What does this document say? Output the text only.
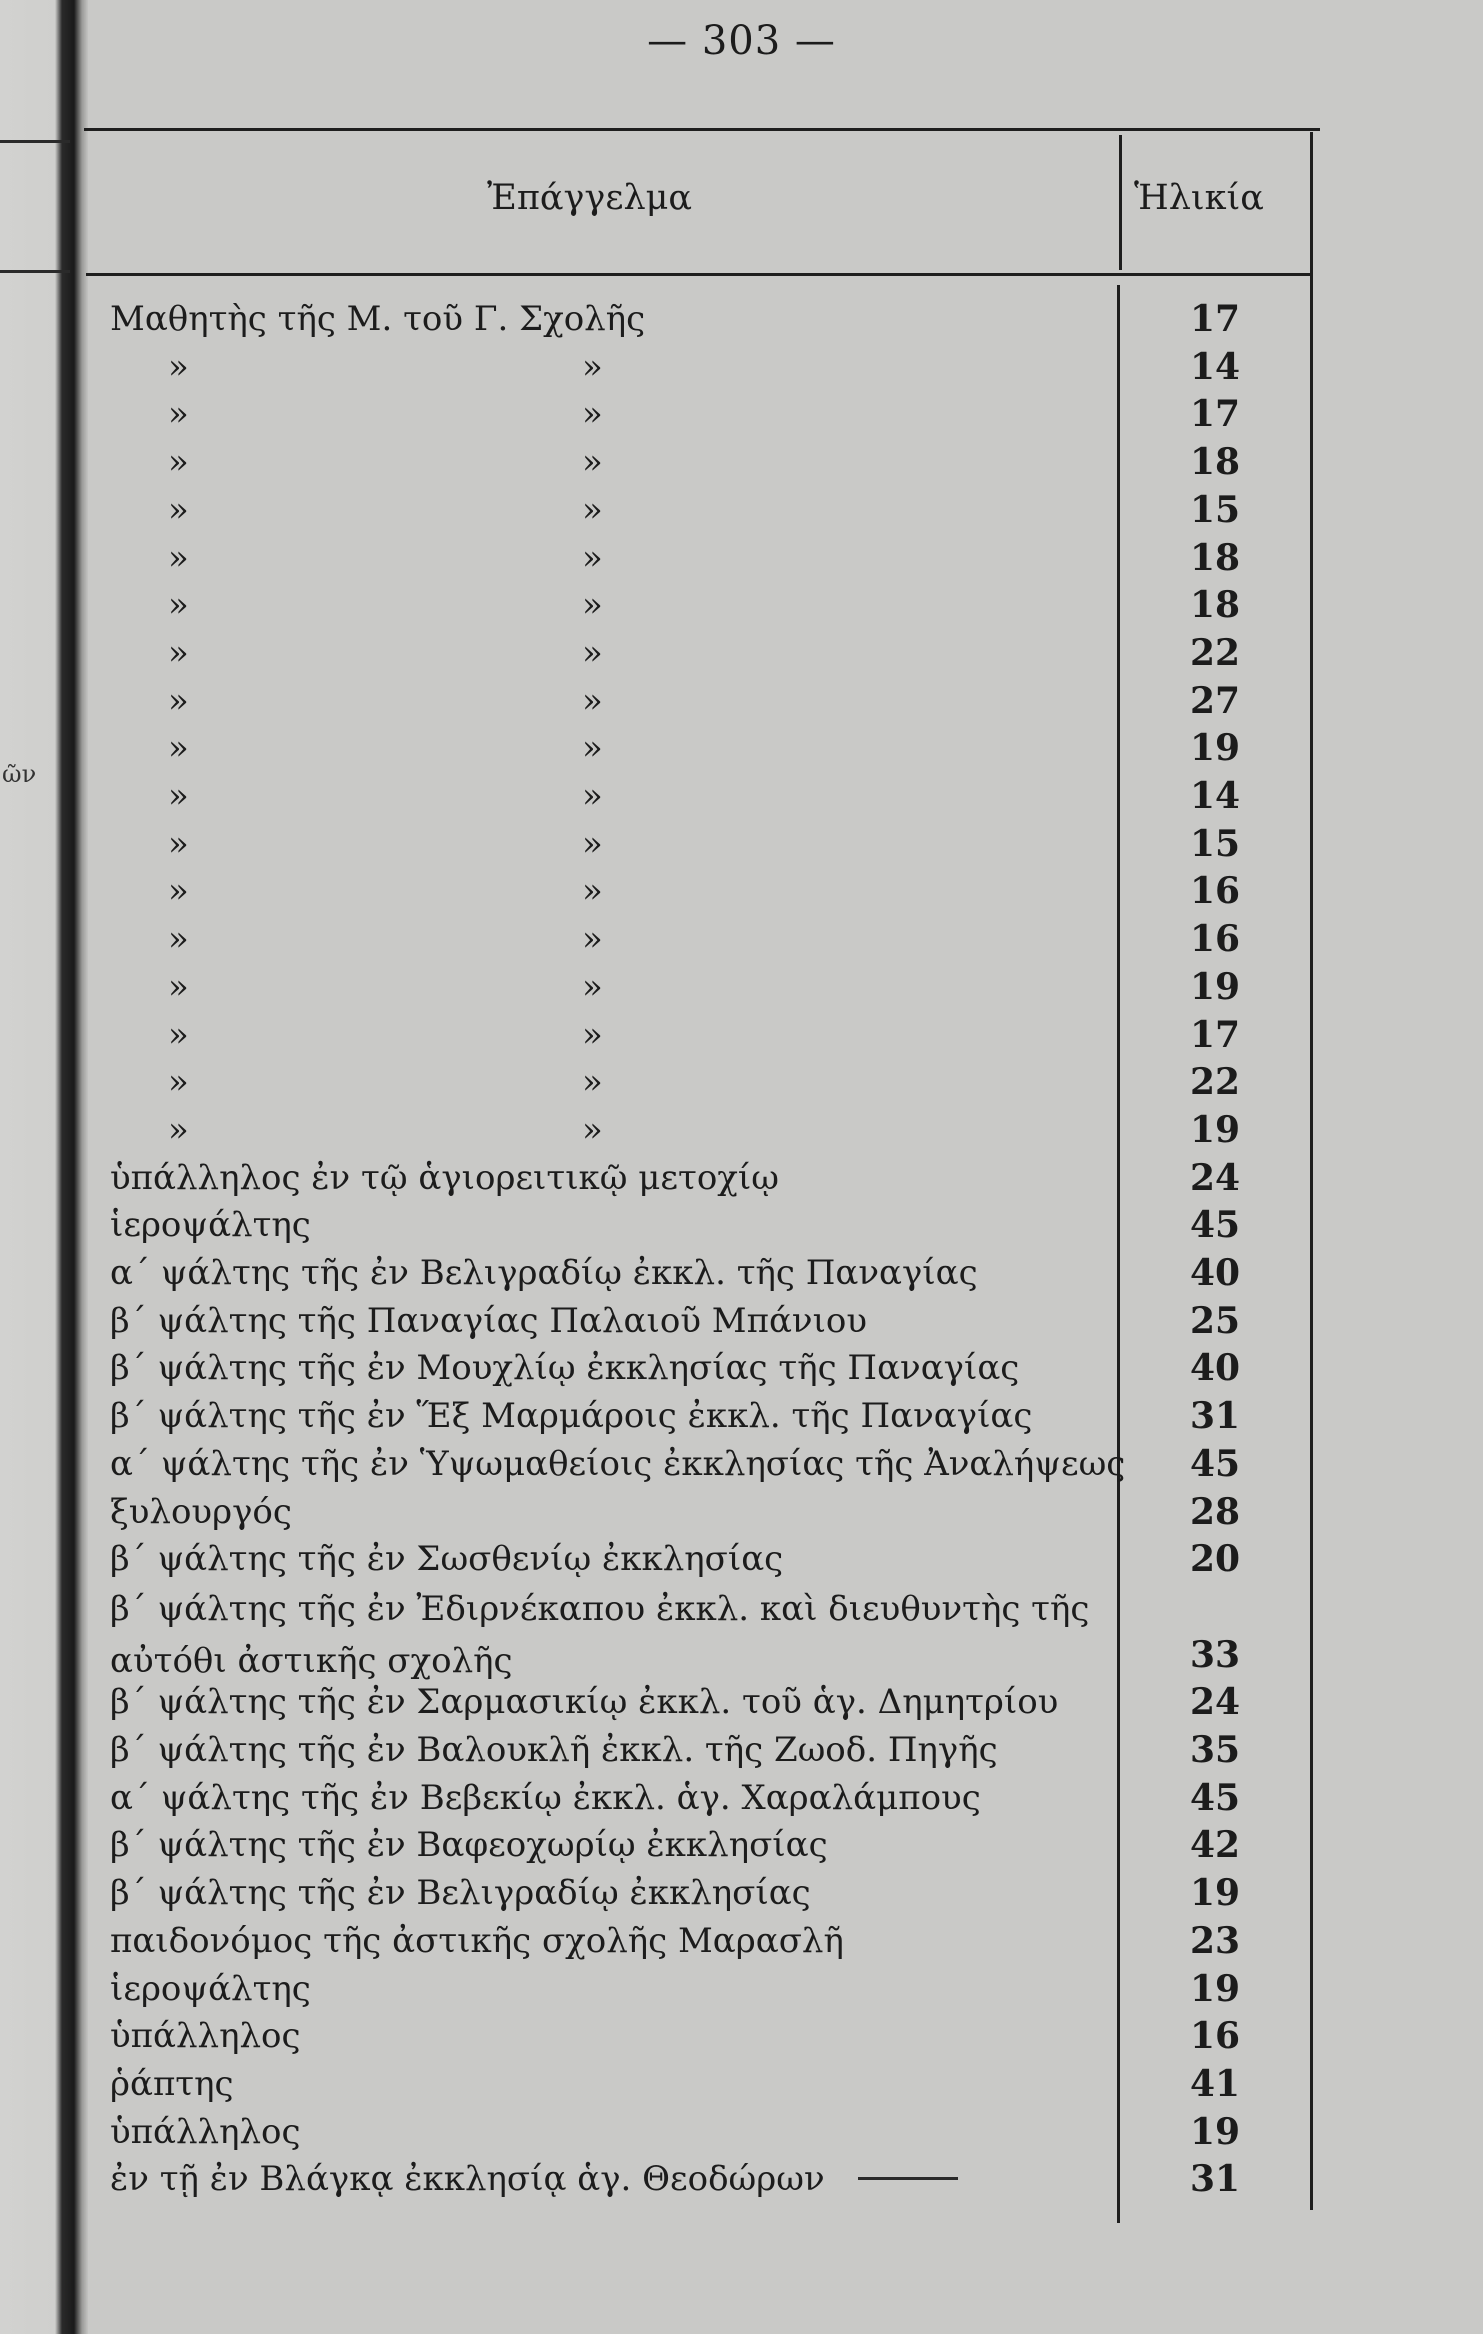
ῶν
— 303 —
Ἐπάγγελμα	Ἡλικία
Μαθητὴς τῆς Μ. τοῦ Γ. Σχολῆς	17
»	»	14
»	»	17
»	»	18
»	»	15
»	»	18
»	»	18
»	»	22
»	»	27
»	»	19
»	»	14
»	»	15
»	»	16
»	»	16
»	»	19
»	»	17
»	»	22
»	»	19
ὑπάλληλος ἐν τῷ ἁγιορειτικῷ μετοχίῳ	24
ἱεροψάλτης	45
α΄ ψάλτης τῆς ἐν Βελιγραδίῳ ἐκκλ. τῆς Παναγίας	40
β΄ ψάλτης τῆς Παναγίας Παλαιοῦ Μπάνιου	25
β΄ ψάλτης τῆς ἐν Μουχλίῳ ἐκκλησίας τῆς Παναγίας	40
β΄ ψάλτης τῆς ἐν Ἕξ Μαρμάροις ἐκκλ. τῆς Παναγίας	31
α΄ ψάλτης τῆς ἐν Ὑψωμαθείοις ἐκκλησίας τῆς Ἀναλήψεως	45
ξυλουργός	28
β΄ ψάλτης τῆς ἐν Σωσθενίῳ ἐκκλησίας	20
β΄ ψάλτης τῆς ἐν Ἐδιρνέκαπου ἐκκλ. καὶ διευθυντὴς τῆς αὐτόθι ἀστικῆς σχολῆς	33
β΄ ψάλτης τῆς ἐν Σαρμασικίῳ ἐκκλ. τοῦ ἁγ. Δημητρίου	24
β΄ ψάλτης τῆς ἐν Βαλουκλῆ ἐκκλ. τῆς Ζωοδ. Πηγῆς	35
α΄ ψάλτης τῆς ἐν Βεβεκίῳ ἐκκλ. ἁγ. Χαραλάμπους	45
β΄ ψάλτης τῆς ἐν Βαφεοχωρίῳ ἐκκλησίας	42
β΄ ψάλτης τῆς ἐν Βελιγραδίῳ ἐκκλησίας	19
παιδονόμος τῆς ἀστικῆς σχολῆς Μαρασλῆ	23
ἱεροψάλτης	19
ὑπάλληλος	16
ῥάπτης	41
ὑπάλληλος	19
ἐν τῇ ἐν Βλάγκᾳ ἐκκλησίᾳ ἁγ. Θεοδώρων	31
